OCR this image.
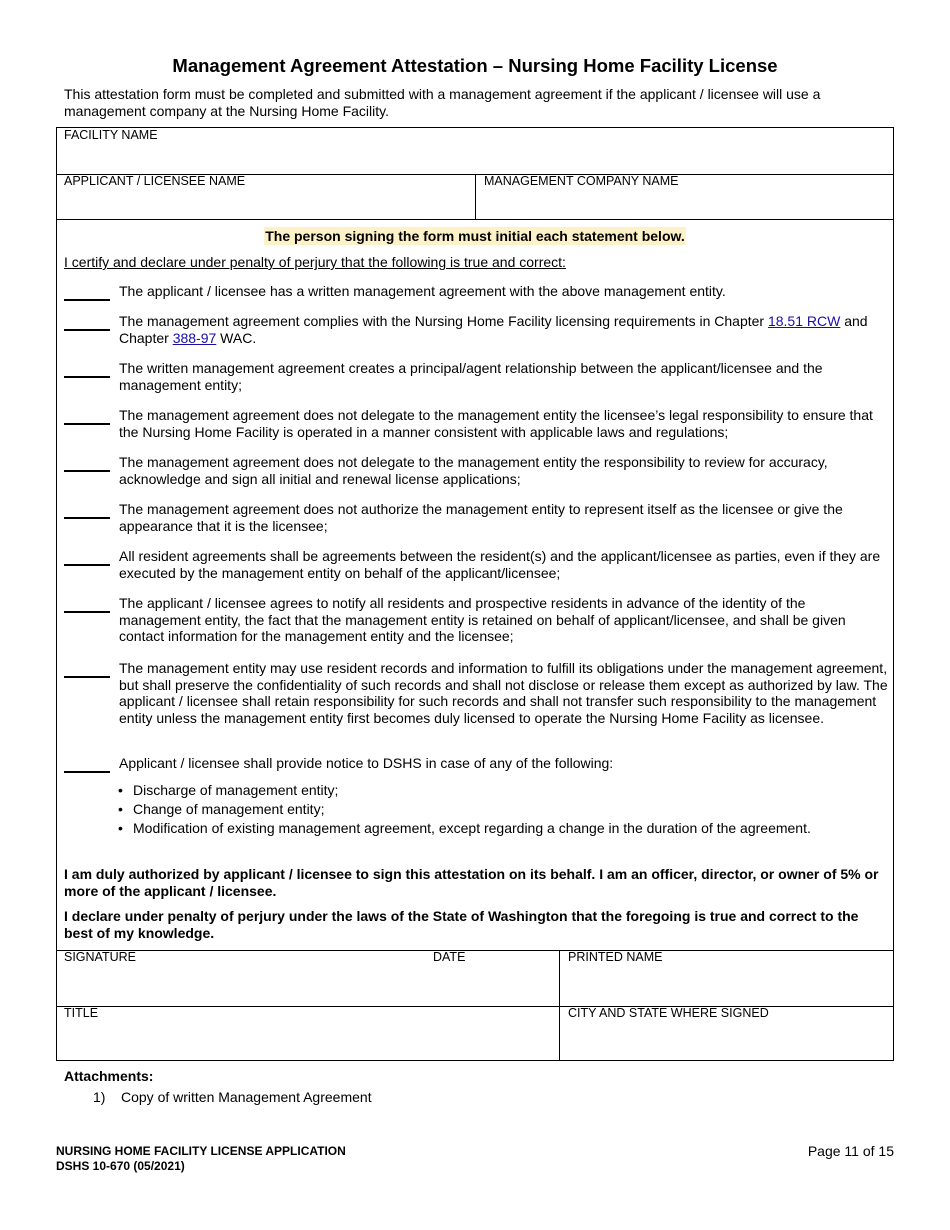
Management Agreement Attestation – Nursing Home Facility License
This attestation form must be completed and submitted with a management agreement if the applicant / licensee will use a management company at the Nursing Home Facility.
FACILITY NAME
APPLICANT / LICENSEE NAME	MANAGEMENT COMPANY NAME
The person signing the form must initial each statement below.
I certify and declare under penalty of perjury that the following is true and correct:
The applicant / licensee has a written management agreement with the above management entity.
The management agreement complies with the Nursing Home Facility licensing requirements in Chapter 18.51 RCW and Chapter 388-97 WAC.
The written management agreement creates a principal/agent relationship between the applicant/licensee and the management entity;
The management agreement does not delegate to the management entity the licensee’s legal responsibility to ensure that the Nursing Home Facility is operated in a manner consistent with applicable laws and regulations;
The management agreement does not delegate to the management entity the responsibility to review for accuracy, acknowledge and sign all initial and renewal license applications;
The management agreement does not authorize the management entity to represent itself as the licensee or give the appearance that it is the licensee;
All resident agreements shall be agreements between the resident(s) and the applicant/licensee as parties, even if they are executed by the management entity on behalf of the applicant/licensee;
The applicant / licensee agrees to notify all residents and prospective residents in advance of the identity of the management entity, the fact that the management entity is retained on behalf of applicant/licensee, and shall be given contact information for the management entity and the licensee;
The management entity may use resident records and information to fulfill its obligations under the management agreement, but shall preserve the confidentiality of such records and shall not disclose or release them except as authorized by law. The applicant / licensee shall retain responsibility for such records and shall not transfer such responsibility to the management entity unless the management entity first becomes duly licensed to operate the Nursing Home Facility as licensee.
Applicant / licensee shall provide notice to DSHS in case of any of the following:
• Discharge of management entity;
• Change of management entity;
• Modification of existing management agreement, except regarding a change in the duration of the agreement.
I am duly authorized by applicant / licensee to sign this attestation on its behalf. I am an officer, director, or owner of 5% or more of the applicant / licensee.
I declare under penalty of perjury under the laws of the State of Washington that the foregoing is true and correct to the best of my knowledge.
SIGNATURE	DATE	PRINTED NAME
TITLE	CITY AND STATE WHERE SIGNED
Attachments:
1) Copy of written Management Agreement
NURSING HOME FACILITY LICENSE APPLICATION
DSHS 10-670 (05/2021)
Page 11 of 15
